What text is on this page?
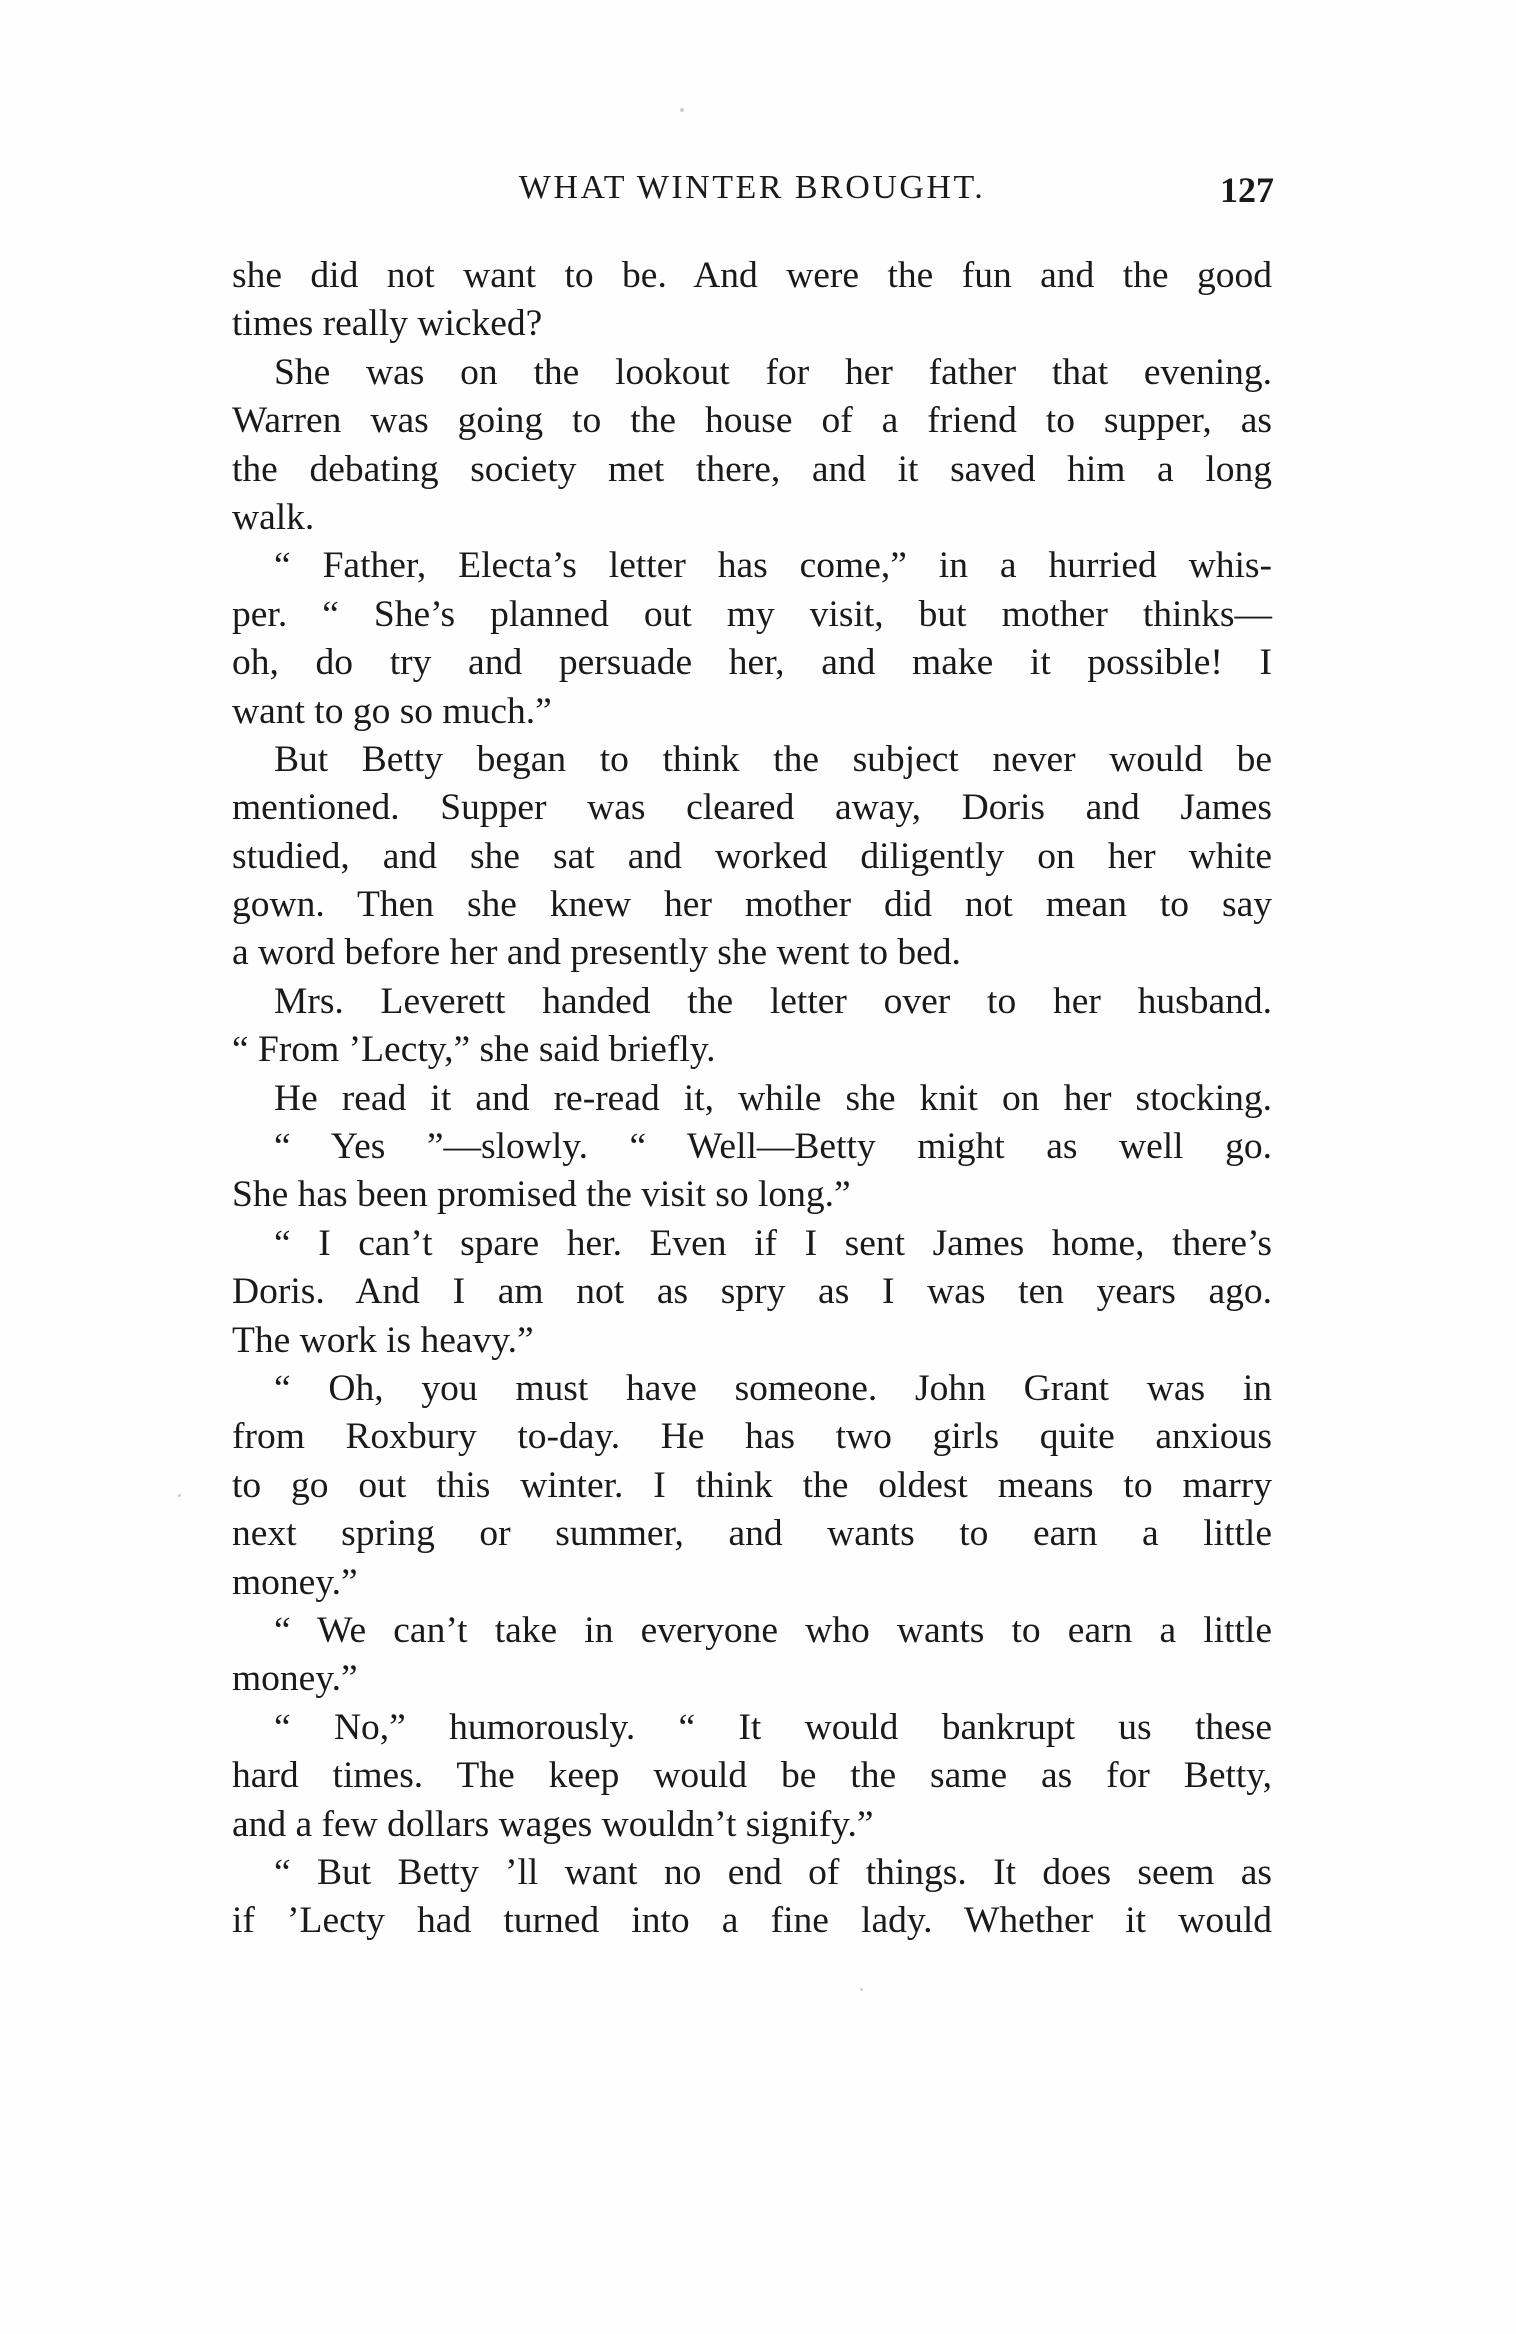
WHAT WINTER BROUGHT.	127
she did not want to be. And were the fun and the good
times really wicked?
She was on the lookout for her father that evening.
Warren was going to the house of a friend to supper, as
the debating society met there, and it saved him a long
walk.
“ Father, Electa’s letter has come,” in a hurried whis-
per. “ She’s planned out my visit, but mother thinks—
oh, do try and persuade her, and make it possible! I
want to go so much.”
But Betty began to think the subject never would be
mentioned. Supper was cleared away, Doris and James
studied, and she sat and worked diligently on her white
gown. Then she knew her mother did not mean to say
a word before her and presently she went to bed.
Mrs. Leverett handed the letter over to her husband.
“ From ’Lecty,” she said briefly.
He read it and re-read it, while she knit on her stocking.
“ Yes ”—slowly. “ Well—Betty might as well go.
She has been promised the visit so long.”
“ I can’t spare her. Even if I sent James home, there’s
Doris. And I am not as spry as I was ten years ago.
The work is heavy.”
“ Oh, you must have someone. John Grant was in
from Roxbury to-day. He has two girls quite anxious
to go out this winter. I think the oldest means to marry
next spring or summer, and wants to earn a little
money.”
“ We can’t take in everyone who wants to earn a little
money.”
“ No,” humorously. “ It would bankrupt us these
hard times. The keep would be the same as for Betty,
and a few dollars wages wouldn’t signify.”
“ But Betty ’ll want no end of things. It does seem as
if ’Lecty had turned into a fine lady. Whether it would
